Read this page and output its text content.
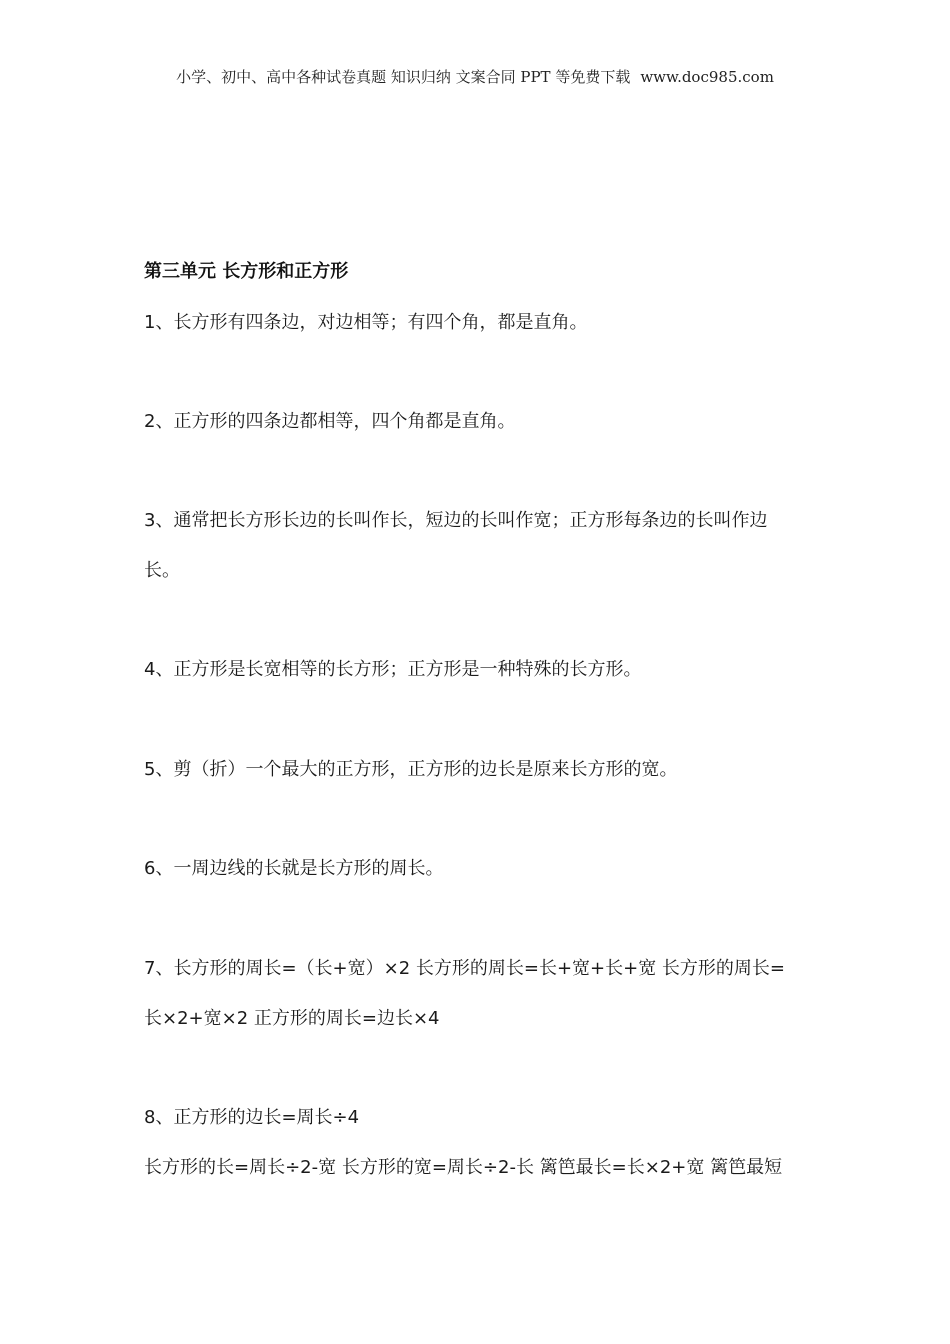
小学、初中、高中各种试卷真题 知识归纳 文案合同 PPT 等免费下载 www.doc985.com
第三单元 长方形和正方形
1、长方形有四条边，对边相等；有四个角，都是直角。
2、正方形的四条边都相等，四个角都是直角。
3、通常把长方形长边的长叫作长，短边的长叫作宽；正方形每条边的长叫作边
长。
4、正方形是长宽相等的长方形；正方形是一种特殊的长方形。
5、剪（折）一个最大的正方形，正方形的边长是原来长方形的宽。
6、一周边线的长就是长方形的周长。
7、长方形的周长=（长+宽）×2 长方形的周长=长+宽+长+宽 长方形的周长=
长×2+宽×2 正方形的周长=边长×4
8、正方形的边长=周长÷4
长方形的长=周长÷2-宽 长方形的宽=周长÷2-长 篱笆最长=长×2+宽 篱笆最短
